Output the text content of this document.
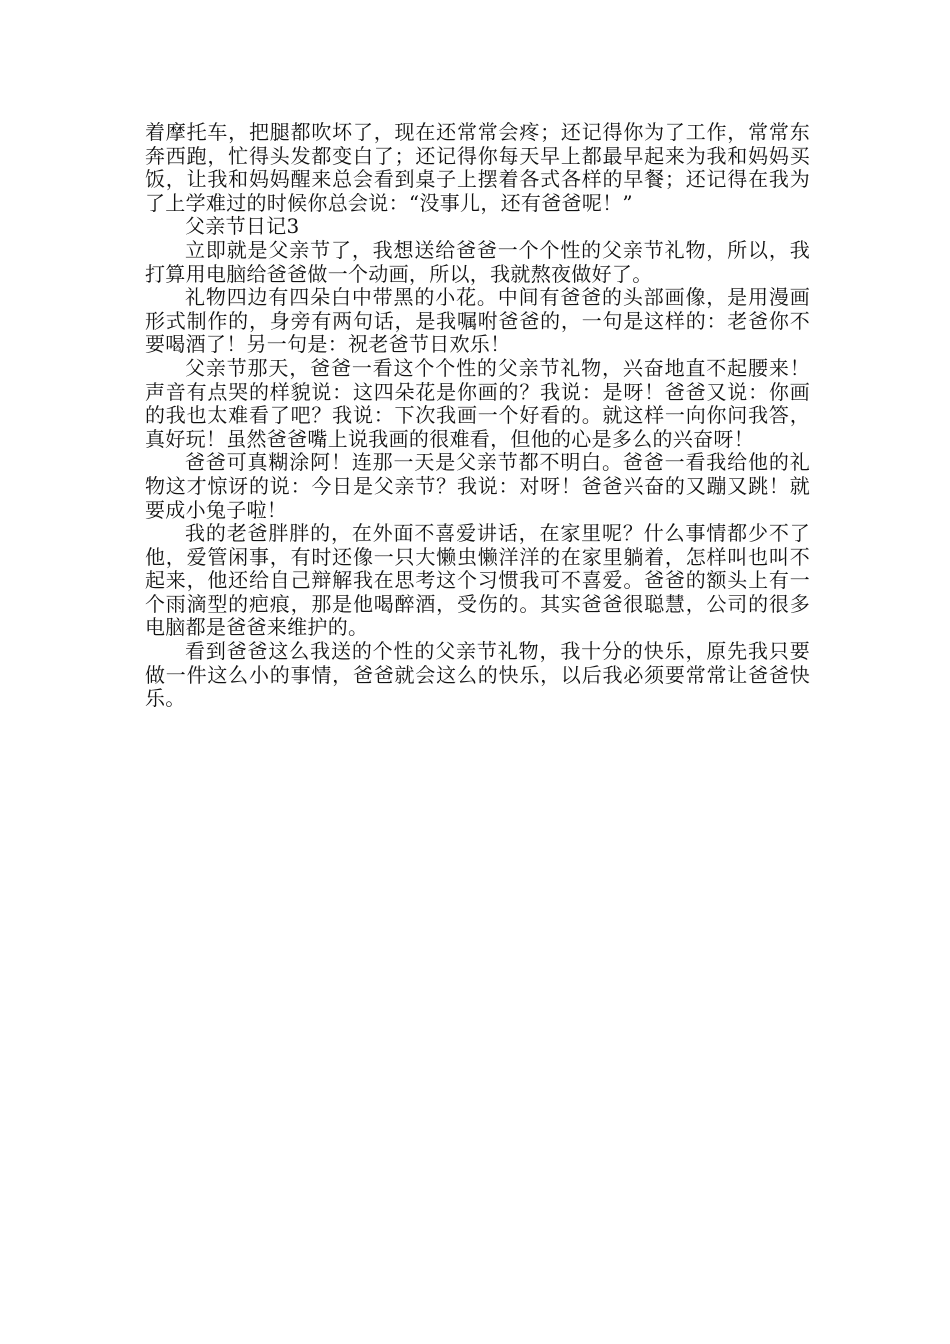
着摩托车，把腿都吹坏了，现在还常常会疼；还记得你为了工作，常常东奔西跑，忙得头发都变白了；还记得你每天早上都最早起来为我和妈妈买饭，让我和妈妈醒来总会看到桌子上摆着各式各样的早餐；还记得在我为了上学难过的时候你总会说：“没事儿，还有爸爸呢！”

父亲节日记3

立即就是父亲节了，我想送给爸爸一个个性的父亲节礼物，所以，我打算用电脑给爸爸做一个动画，所以，我就熬夜做好了。

礼物四边有四朵白中带黑的小花。中间有爸爸的头部画像，是用漫画形式制作的，身旁有两句话，是我嘱咐爸爸的，一句是这样的：老爸你不要喝酒了！另一句是：祝老爸节日欢乐！

父亲节那天，爸爸一看这个个性的父亲节礼物，兴奋地直不起腰来！声音有点哭的样貌说：这四朵花是你画的？我说：是呀！爸爸又说：你画的我也太难看了吧？我说：下次我画一个好看的。就这样一向你问我答，真好玩！虽然爸爸嘴上说我画的很难看，但他的心是多么的兴奋呀！

爸爸可真糊涂阿！连那一天是父亲节都不明白。爸爸一看我给他的礼物这才惊讶的说：今日是父亲节？我说：对呀！爸爸兴奋的又蹦又跳！就要成小兔子啦！

我的老爸胖胖的，在外面不喜爱讲话，在家里呢？什么事情都少不了他，爱管闲事，有时还像一只大懒虫懒洋洋的在家里躺着，怎样叫也叫不起来，他还给自己辩解我在思考这个习惯我可不喜爱。爸爸的额头上有一个雨滴型的疤痕，那是他喝醉酒，受伤的。其实爸爸很聪慧，公司的很多电脑都是爸爸来维护的。

看到爸爸这么我送的个性的父亲节礼物，我十分的快乐，原先我只要做一件这么小的事情，爸爸就会这么的快乐，以后我必须要常常让爸爸快乐。
